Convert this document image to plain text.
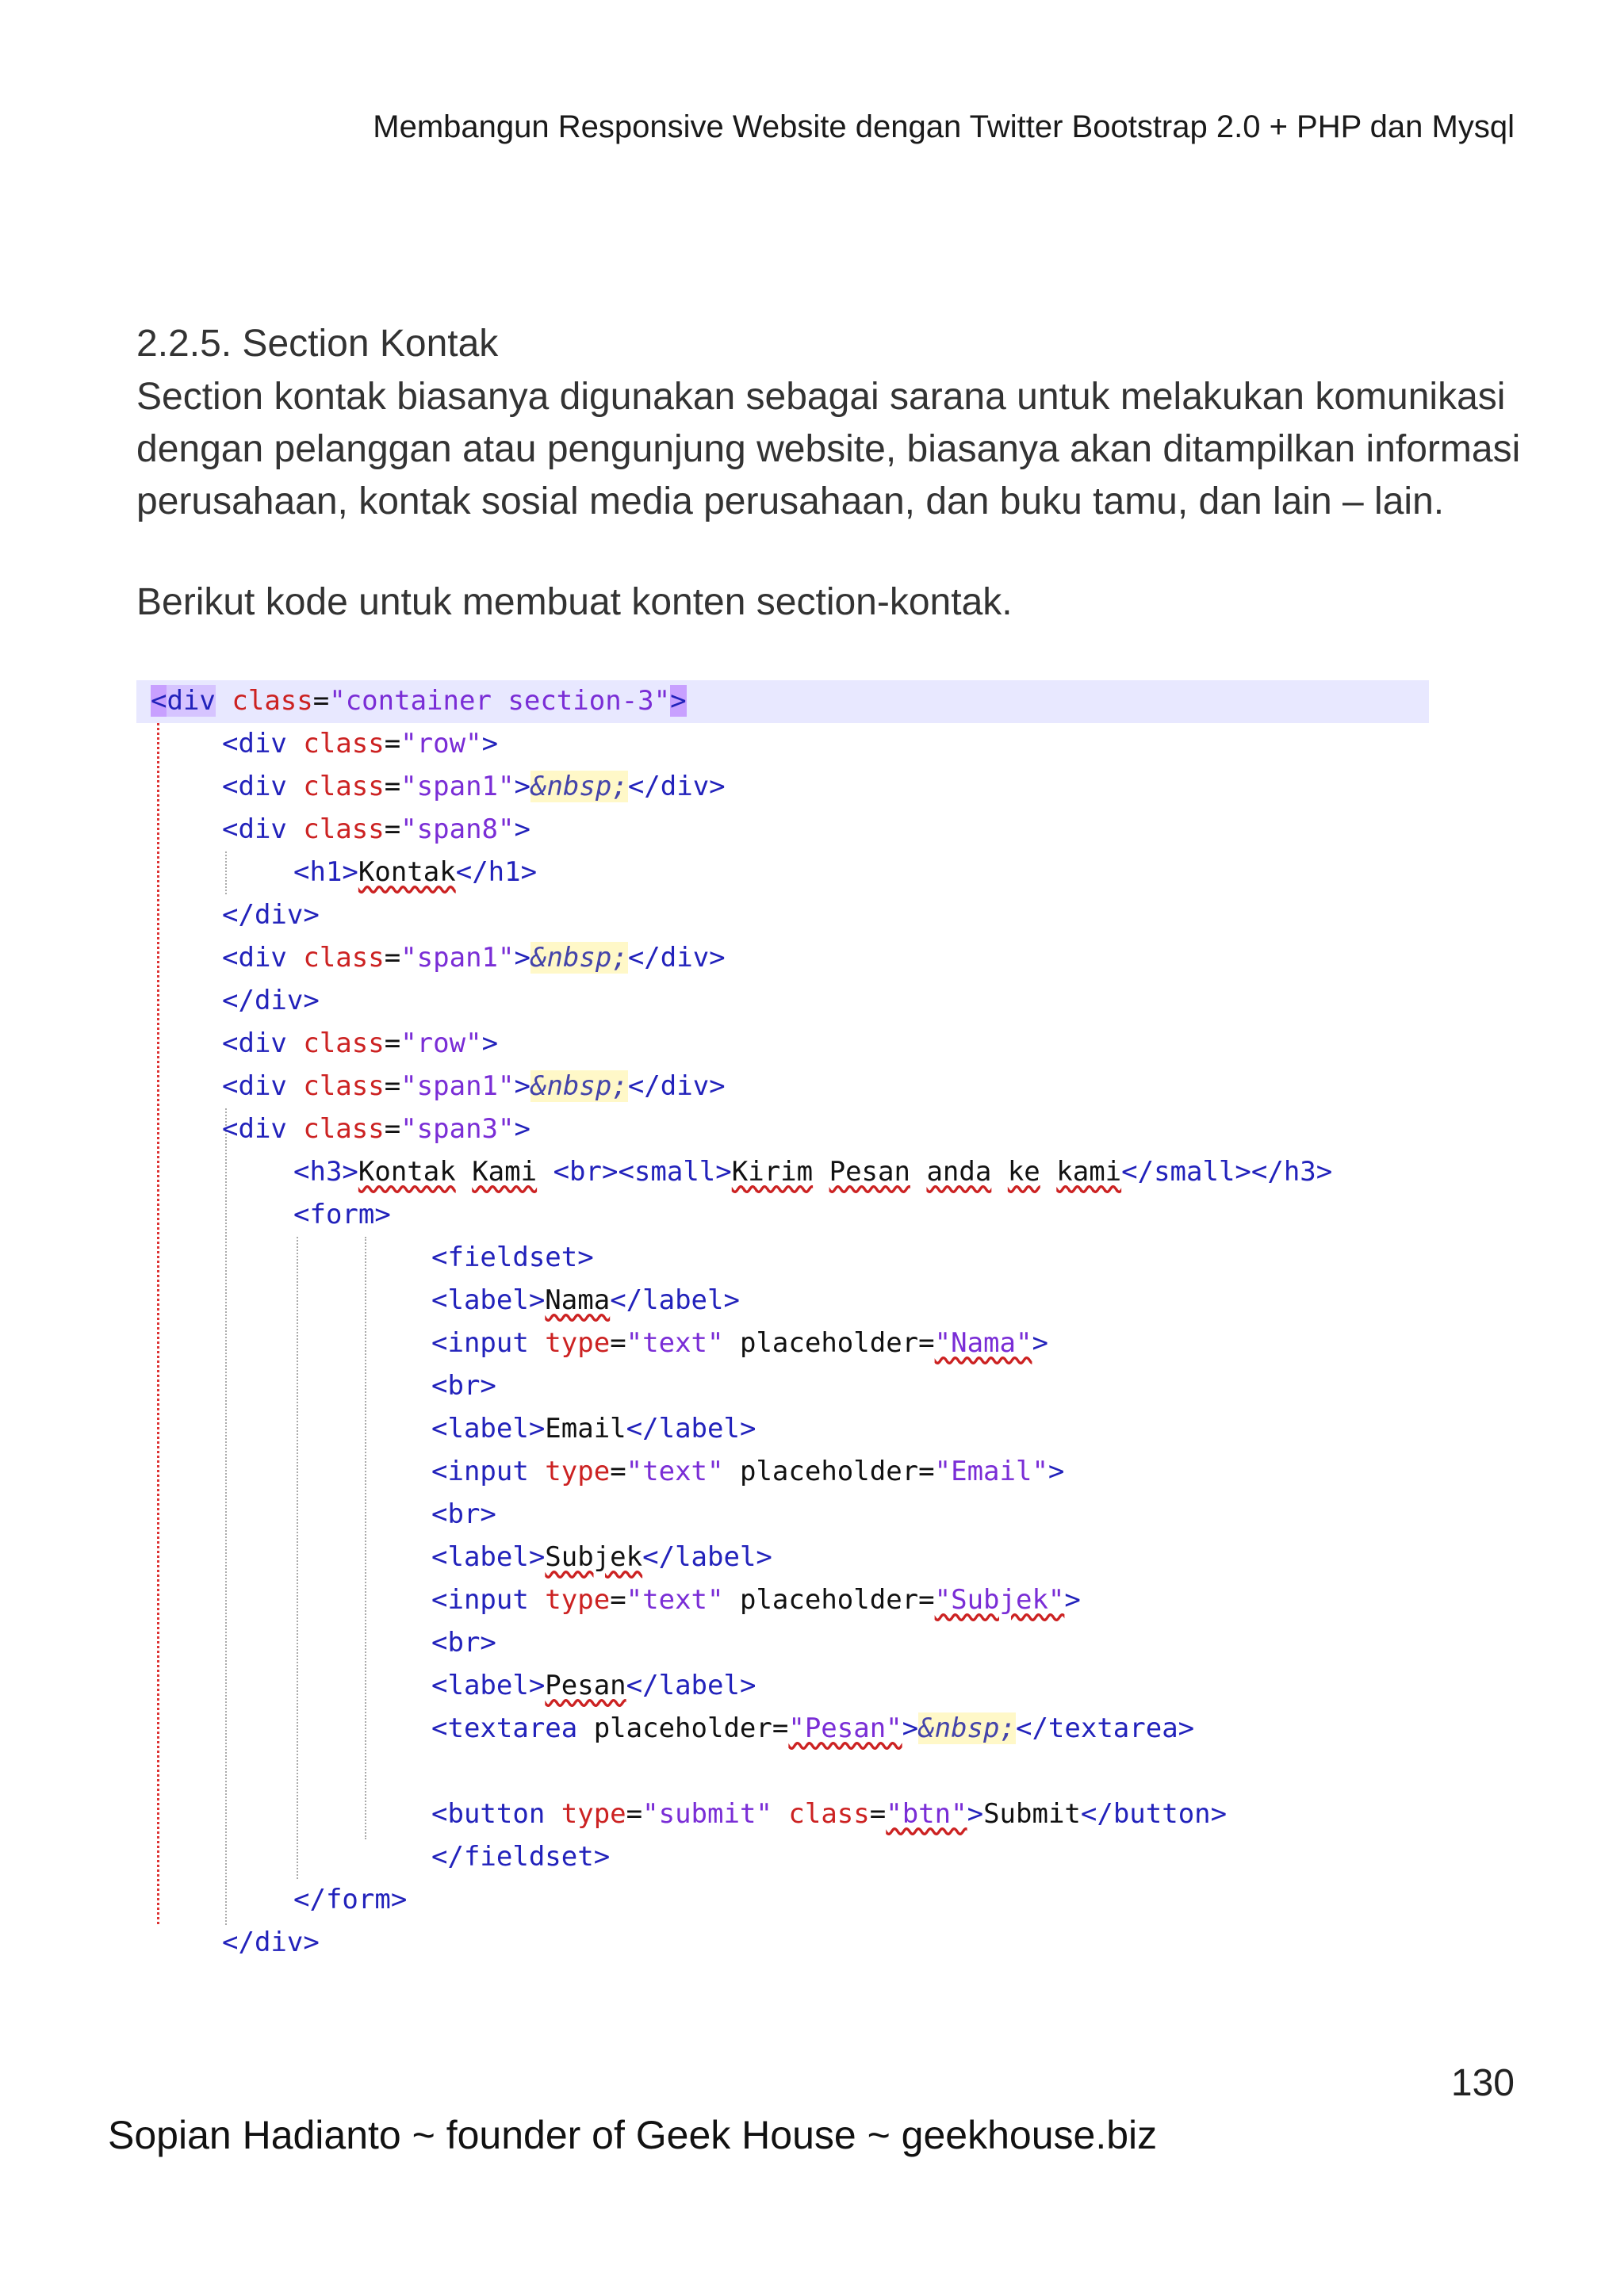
Membangun Responsive Website dengan Twitter Bootstrap 2.0 + PHP dan Mysql
2.2.5. Section Kontak
Section kontak biasanya digunakan sebagai sarana untuk melakukan komunikasi
dengan pelanggan atau pengunjung website, biasanya akan ditampilkan informasi
perusahaan, kontak sosial media perusahaan, dan buku tamu, dan lain – lain.
Berikut kode untuk membuat konten section-kontak.
<div class="container section-3">
<div class="row">
<div class="span1">&nbsp;</div>
<div class="span8">
<h1>Kontak</h1>
</div>
<div class="span1">&nbsp;</div>
</div>
<div class="row">
<div class="span1">&nbsp;</div>
<div class="span3">
<h3>Kontak Kami <br><small>Kirim Pesan anda ke kami</small></h3>
<form>
<fieldset>
<label>Nama</label>
<input type="text" placeholder="Nama">
<br>
<label>Email</label>
<input type="text" placeholder="Email">
<br>
<label>Subjek</label>
<input type="text" placeholder="Subjek">
<br>
<label>Pesan</label>
<textarea placeholder="Pesan">&nbsp;</textarea>
<button type="submit" class="btn">Submit</button>
</fieldset>
</form>
</div>
130
Sopian Hadianto ~ founder of Geek House ~ geekhouse.biz
